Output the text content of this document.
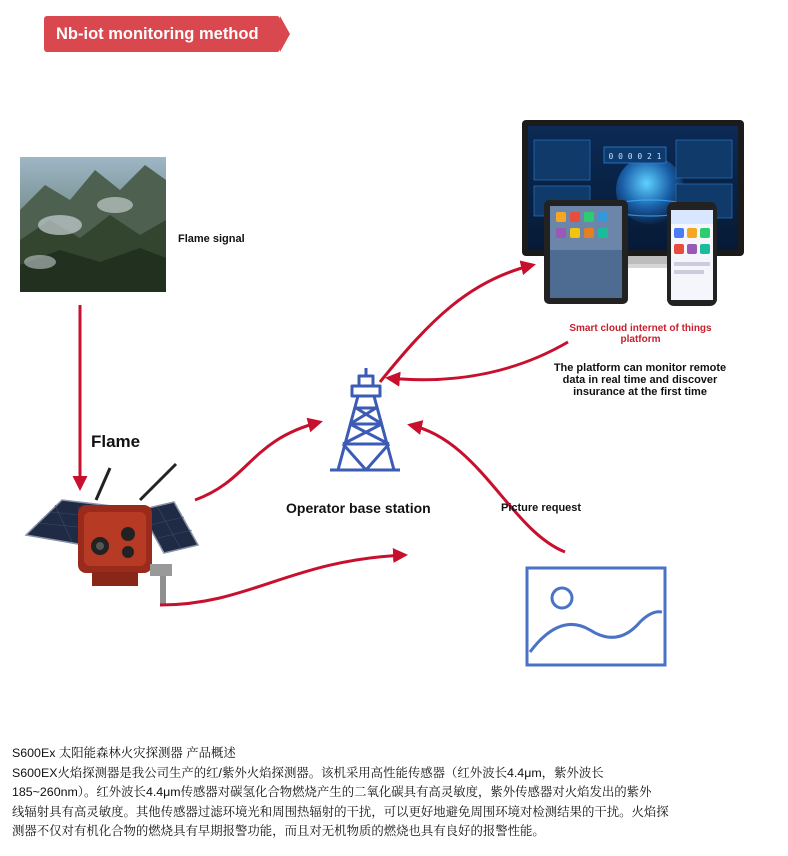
Nb-iot monitoring method
0 0 0 0 2 1
Flame signal
Flame
Operator base station	Picture request
Smart cloud internet of things
platform
The platform can monitor remote
data in real time and discover
insurance at the first time

S600Ex 太阳能森林火灾探测器 产品概述

S600EX火焰探测器是我公司生产的红/紫外火焰探测器。该机采用高性能传感器（红外波长4.4μm，紫外波长

185~260nm）。红外波长4.4μm传感器对碳氢化合物燃烧产生的二氧化碳具有高灵敏度，紫外传感器对火焰发出的紫外

线辐射具有高灵敏度。其他传感器过滤环境光和周围热辐射的干扰，可以更好地避免周围环境对检测结果的干扰。火焰探

测器不仅对有机化合物的燃烧具有早期报警功能，而且对无机物质的燃烧也具有良好的报警性能。
